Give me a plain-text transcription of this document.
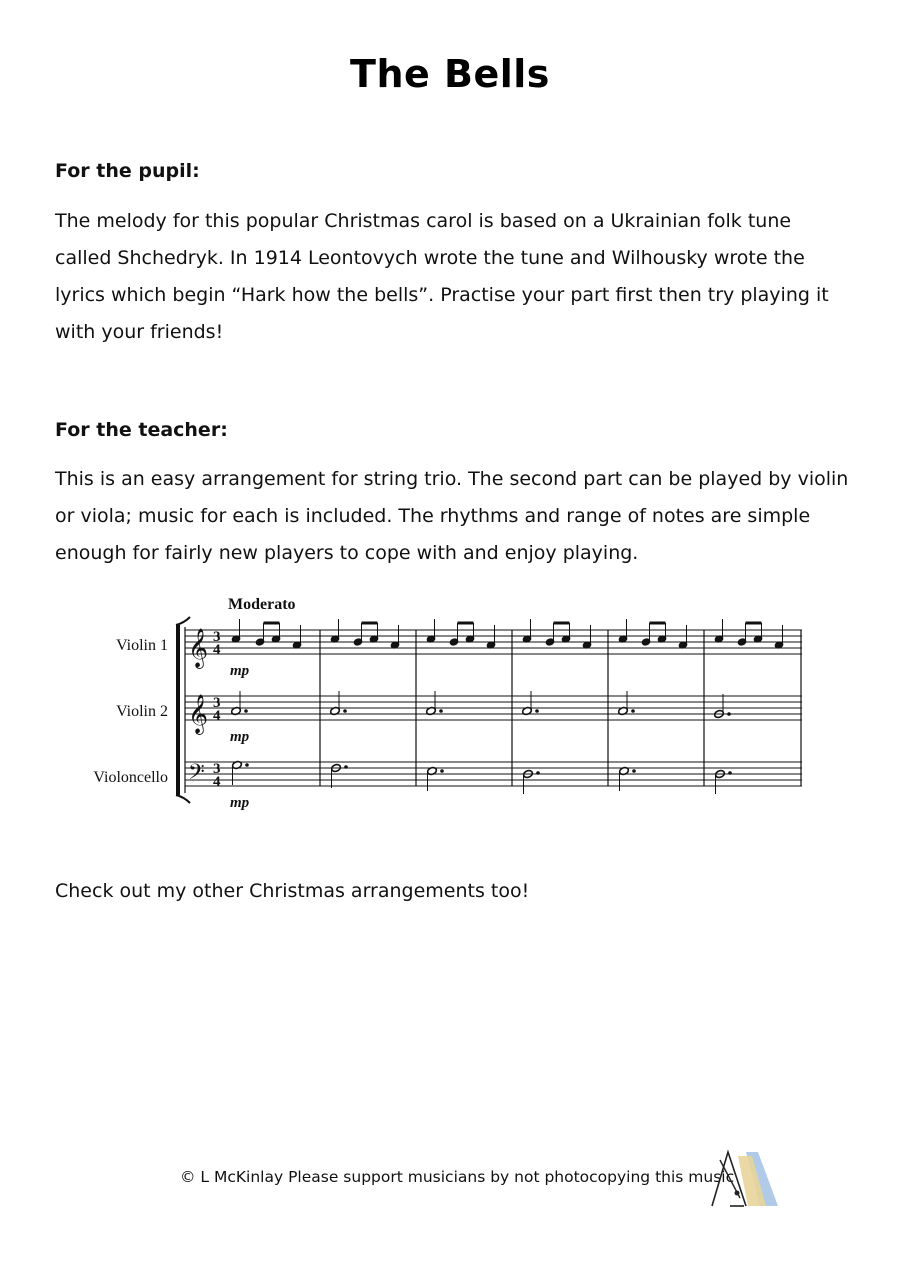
The Bells
For the pupil:

The melody for this popular Christmas carol is based on a Ukrainian folk tune
called Shchedryk. In 1914 Leontovych wrote the tune and Wilhousky wrote the
lyrics which begin “Hark how the bells”. Practise your part first then try playing it
with your friends!

For the teacher:

This is an easy arrangement for string trio. The second part can be played by violin
or viola; music for each is included. The rhythms and range of notes are simple
enough for fairly new players to cope with and enjoy playing.

Moderato
Violin 1
Violin 2
Violoncello
𝄞
𝄞
𝄢
3
4
3
4
3
4
mp
mp
mp

Check out my other Christmas arrangements too!

© L McKinlay Please support musicians by not photocopying this music
